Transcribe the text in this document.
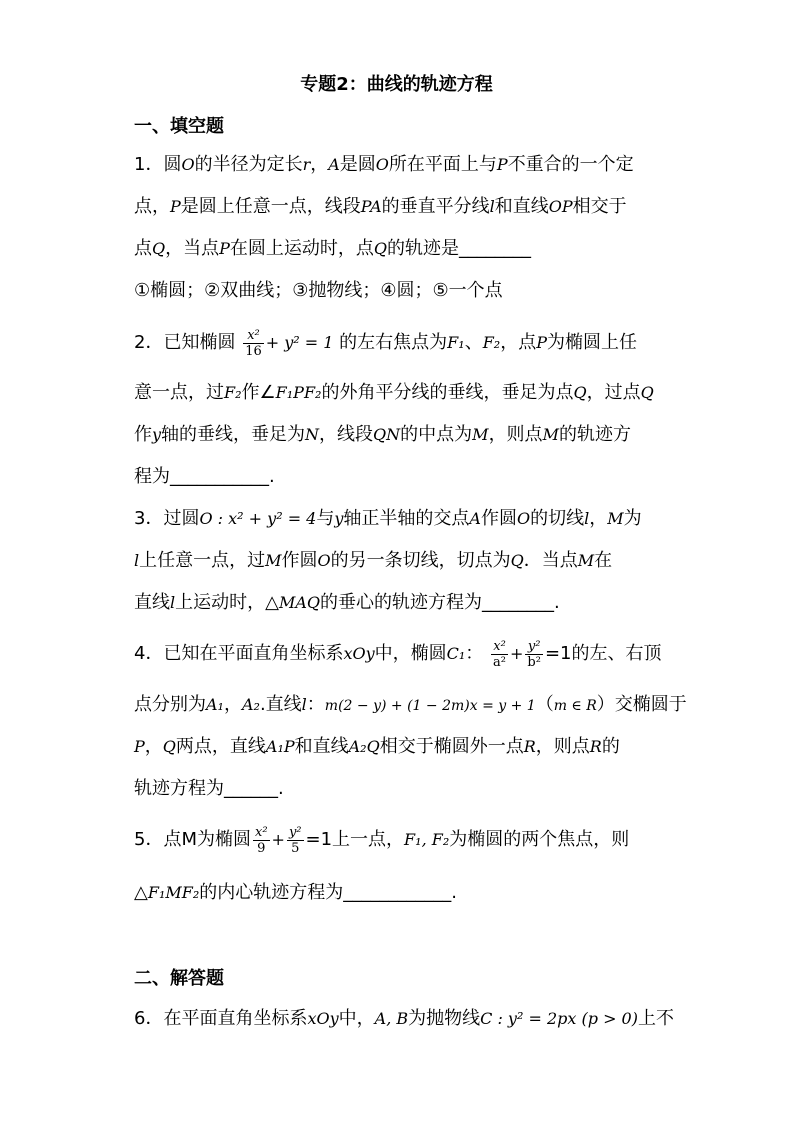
专题2：曲线的轨迹方程
一、填空题
1．圆O的半径为定长r，A是圆O所在平面上与P不重合的一个定
点，P是圆上任意一点，线段PA的垂直平分线l和直线OP相交于
点Q，当点P在圆上运动时，点Q的轨迹是________
①椭圆；②双曲线；③抛物线；④圆；⑤一个点
2．已知椭圆 $\frac{\text{x²}}{16} + y^2 = 1$ 的左右焦点为F₁、F₂，点P为椭圆上任
意一点，过F₂作∠F₁PF₂的外角平分线的垂线，垂足为点Q，过点Q
作y轴的垂线，垂足为N，线段QN的中点为M，则点M的轨迹方
程为___________.
3．过圆O : x² + y² = 4与y轴正半轴的交点A作圆O的切线l，M为
l上任意一点，过M作圆O的另一条切线，切点为Q．当点M在
直线l上运动时，△MAQ的垂心的轨迹方程为________.
4．已知在平面直角坐标系xOy中，椭圆C₁： $\frac{\text{x²}}{\text{a²}} + \frac{\text{y²}}{\text{b²}} =1$的左、右顶
点分别为A₁，A₂.直线l：m(2 − y) + (1 − 2m)x = y + 1（m ∈ R）交椭圆于
P，Q两点，直线A₁P和直线A₂Q相交于椭圆外一点R，则点R的
轨迹方程为______.
5．点M为椭圆 $\frac{\text{x²}}{9} + \frac{\text{y²}}{5} =1$上一点，F₁, F₂为椭圆的两个焦点，则
△F₁MF₂的内心轨迹方程为____________.
二、解答题
6．在平面直角坐标系xOy中，A, B为抛物线C : y² = 2px (p > 0)上不
